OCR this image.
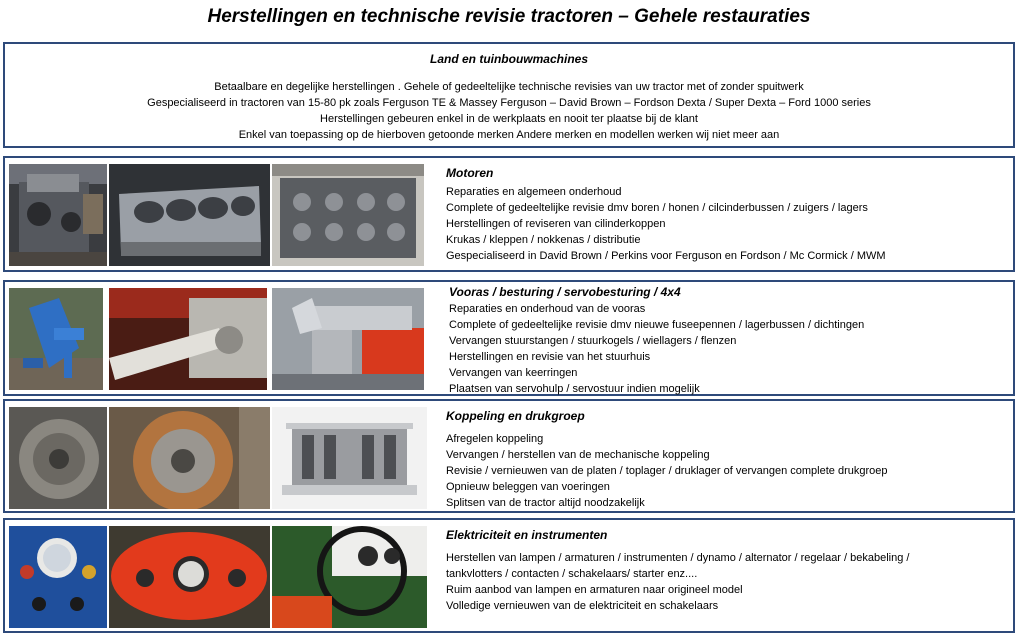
Herstellingen en technische revisie tractoren – Gehele restauraties
Land en tuinbouwmachines
Betaalbare en degelijke herstellingen . Gehele of gedeeltelijke technische revisies van uw tractor met of zonder spuitwerk
Gespecialiseerd in tractoren van 15-80 pk zoals Ferguson TE & Massey Ferguson – David Brown – Fordson Dexta / Super Dexta – Ford 1000 series
Herstellingen gebeuren enkel in de werkplaats en nooit ter plaatse bij de klant
Enkel van toepassing op de hierboven getoonde merken Andere merken en modellen werken wij niet meer aan
Motoren
Reparaties en algemeen onderhoud
Complete of gedeeltelijke revisie dmv boren / honen / cilcinderbussen / zuigers / lagers
Herstellingen of reviseren van cilinderkoppen
Krukas / kleppen / nokkenas / distributie
Gespecialiseerd in David Brown / Perkins voor Ferguson en Fordson / Mc Cormick / MWM
Vooras / besturing / servobesturing / 4x4
Reparaties en onderhoud van de vooras
Complete of gedeeltelijke revisie dmv nieuwe fuseepennen / lagerbussen / dichtingen
Vervangen stuurstangen / stuurkogels / wiellagers / flenzen
Herstellingen en revisie van het stuurhuis
Vervangen van keerringen
Plaatsen van servohulp / servostuur indien mogelijk
Koppeling en drukgroep
Afregelen koppeling
Vervangen / herstellen van de mechanische koppeling
Revisie / vernieuwen van de platen / toplager / druklager of vervangen complete drukgroep
Opnieuw beleggen van voeringen
Splitsen van de tractor altijd noodzakelijk
Elektriciteit en instrumenten
Herstellen van lampen / armaturen / instrumenten / dynamo / alternator / regelaar / bekabeling /
tankvlotters / contacten / schakelaars/ starter enz....
Ruim aanbod van lampen en armaturen naar origineel model
Volledige vernieuwen van de elektriciteit en schakelaars
